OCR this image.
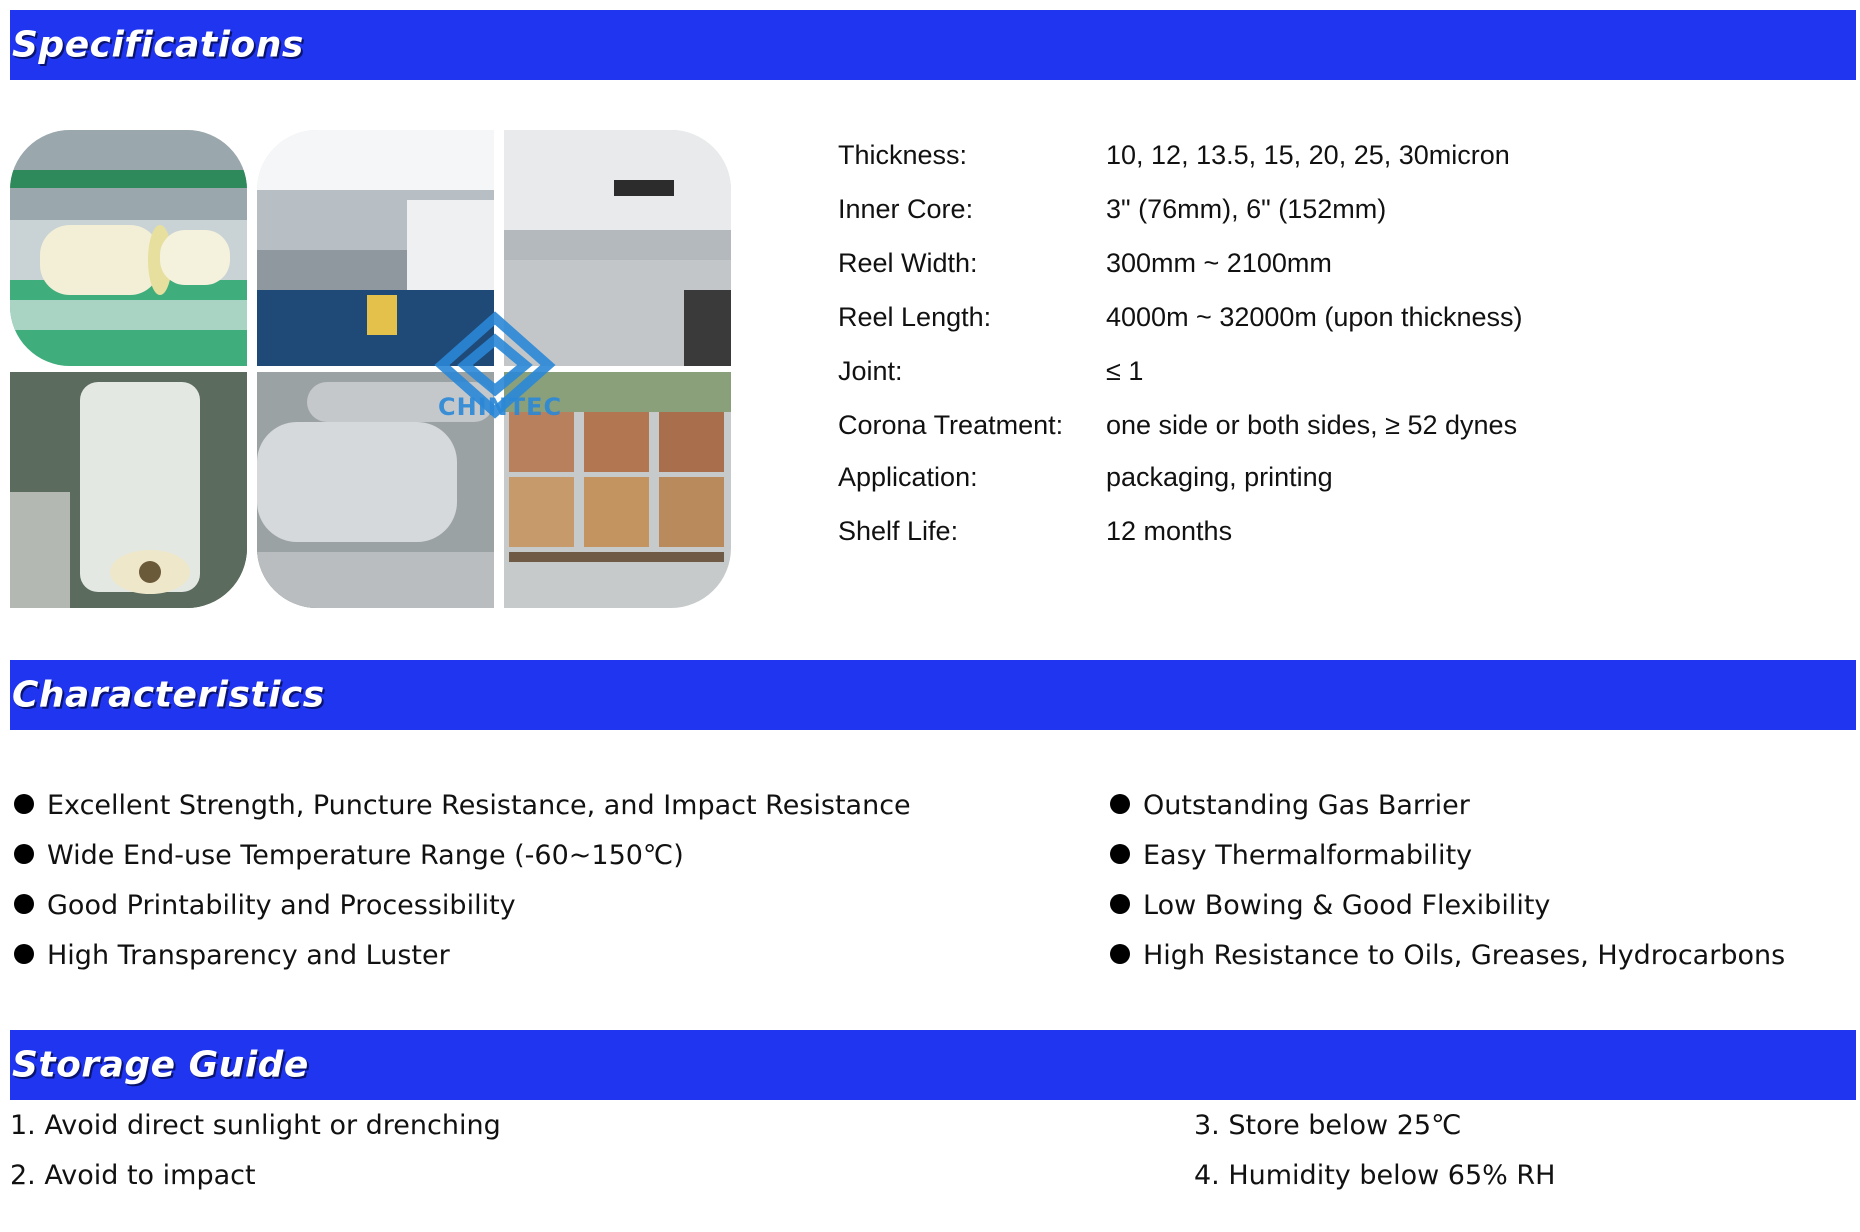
Specifications
Characteristics
Storage Guide
CHINTEC
Thickness:	10, 12, 13.5, 15, 20, 25, 30micron
Inner Core:	3" (76mm), 6" (152mm)
Reel Width:	300mm ~ 2100mm
Reel Length:	4000m ~ 32000m (upon thickness)
Joint:	≤ 1
Corona Treatment: one side or both sides, ≥ 52 dynes
Application:	packaging, printing
Shelf Life:	12 months
Excellent Strength, Puncture Resistance, and Impact Resistance
Wide End-use Temperature Range (-60~150℃)
Good Printability and Processibility
High Transparency and Luster
Outstanding Gas Barrier
Easy Thermalformability
Low Bowing & Good Flexibility
High Resistance to Oils, Greases, Hydrocarbons
1. Avoid direct sunlight or drenching
2. Avoid to impact
3. Store below 25℃
4. Humidity below 65% RH
